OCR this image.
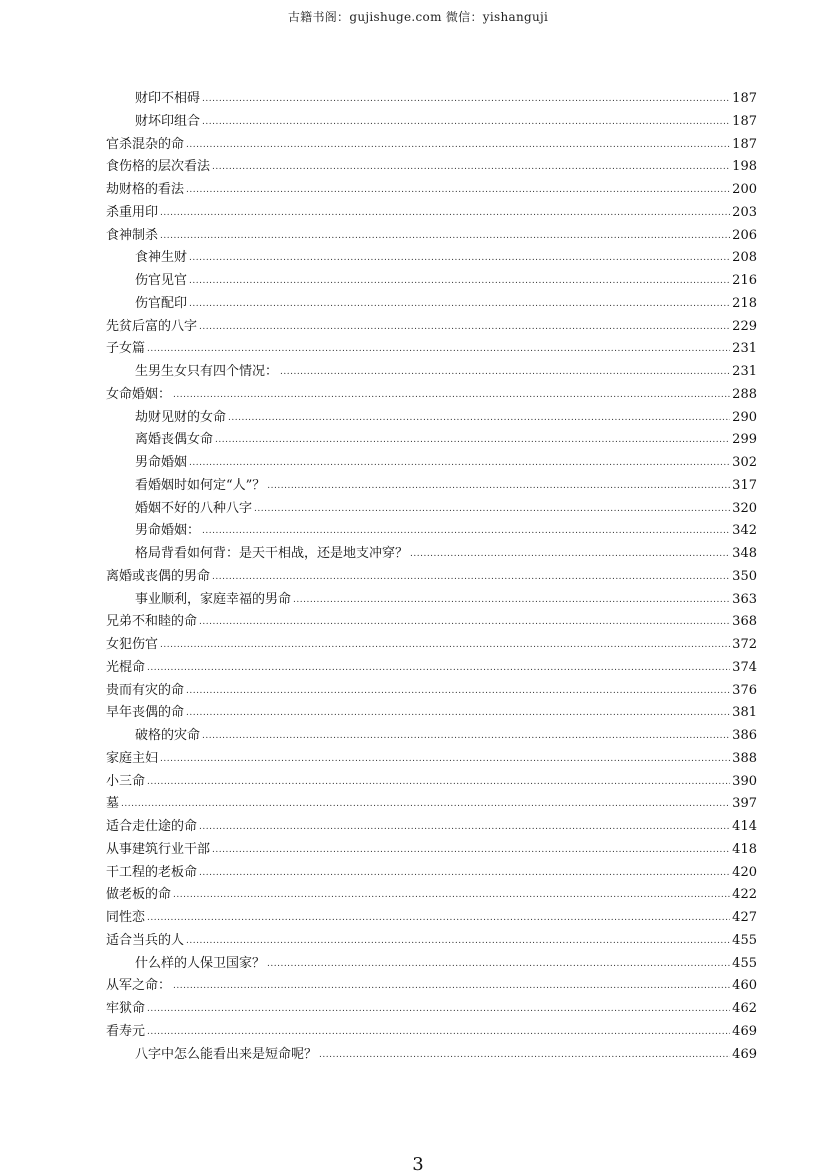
古籍书阁：gujishuge.com 微信：yishanguji
财印不相碍 .....	187
财坏印组合 .....	187
官杀混杂的命 .....	187
食伤格的层次看法 .....	198
劫财格的看法 .....	200
杀重用印 .....	203
食神制杀 .....	206
食神生财 .....	208
伤官见官 .....	216
伤官配印 .....	218
先贫后富的八字 .....	229
子女篇 .....	231
生男生女只有四个情况： .....	231
女命婚姻： .....	288
劫财见财的女命 .....	290
离婚丧偶女命 .....	299
男命婚姻 .....	302
看婚姻时如何定“人”？ .....	317
婚姻不好的八种八字 .....	320
男命婚姻： .....	342
格局背看如何背：是天干相战，还是地支冲穿？ .....	348
离婚或丧偶的男命 .....	350
事业顺利，家庭幸福的男命 .....	363
兄弟不和睦的命 .....	368
女犯伤官 .....	372
光棍命 .....	374
贵而有灾的命 .....	376
早年丧偶的命 .....	381
破格的灾命 .....	386
家庭主妇 .....	388
小三命 .....	390
墓 .....	397
适合走仕途的命 .....	414
从事建筑行业干部 .....	418
干工程的老板命 .....	420
做老板的命 .....	422
同性恋 .....	427
适合当兵的人 .....	455
什么样的人保卫国家？ .....	455
从军之命： .....	460
牢狱命 .....	462
看寿元 .....	469
八字中怎么能看出来是短命呢？ .....	469
3
